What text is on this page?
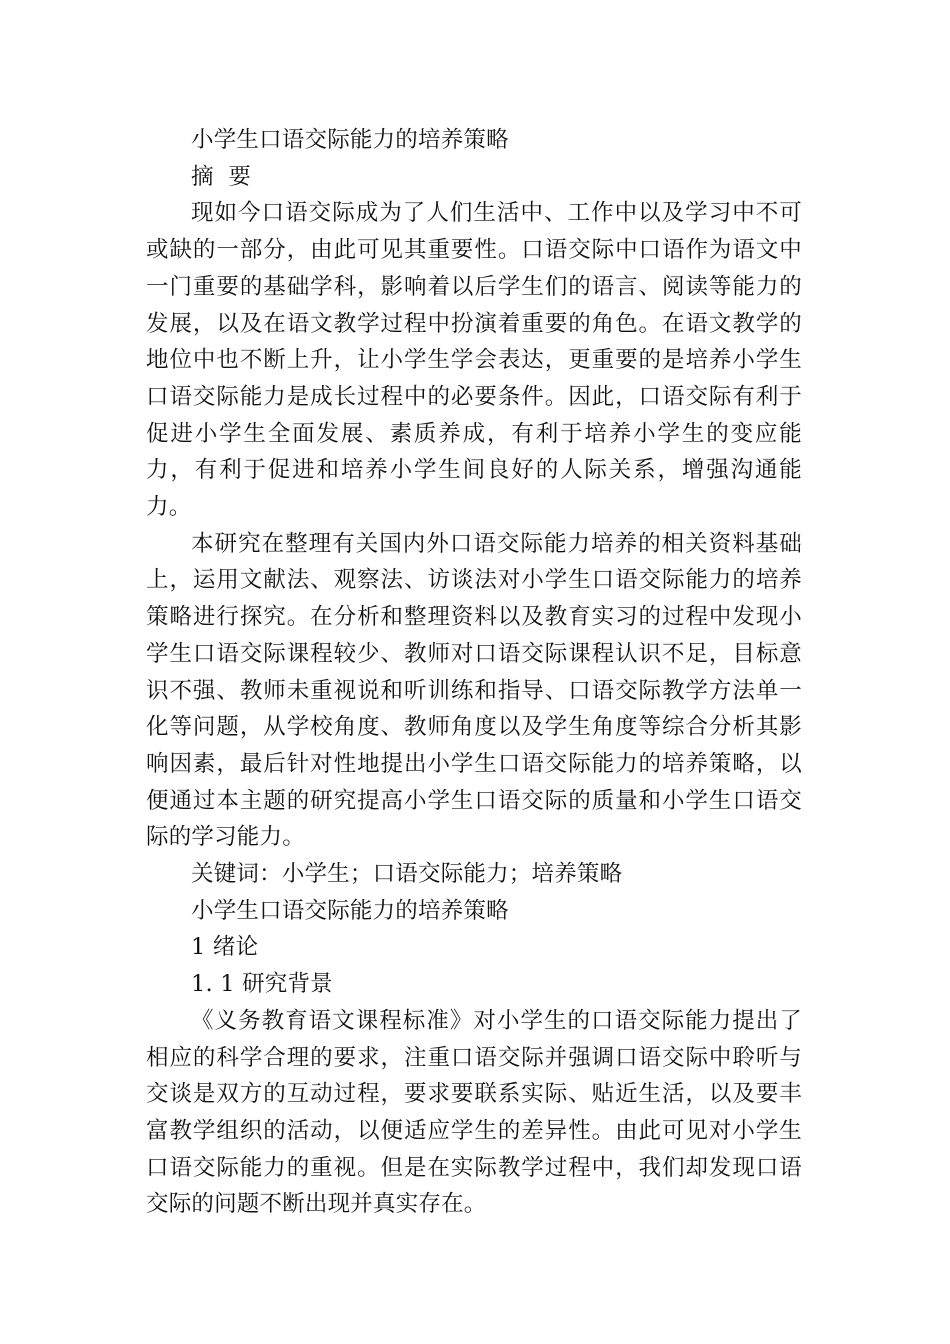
小学生口语交际能力的培养策略

摘  要

现如今口语交际成为了人们生活中、工作中以及学习中不可或缺的一部分，由此可见其重要性。口语交际中口语作为语文中一门重要的基础学科，影响着以后学生们的语言、阅读等能力的发展，以及在语文教学过程中扮演着重要的角色。在语文教学的地位中也不断上升，让小学生学会表达，更重要的是培养小学生口语交际能力是成长过程中的必要条件。因此，口语交际有利于促进小学生全面发展、素质养成，有利于培养小学生的变应能力，有利于促进和培养小学生间良好的人际关系，增强沟通能力。

本研究在整理有关国内外口语交际能力培养的相关资料基础上，运用文献法、观察法、访谈法对小学生口语交际能力的培养策略进行探究。在分析和整理资料以及教育实习的过程中发现小学生口语交际课程较少、教师对口语交际课程认识不足，目标意识不强、教师未重视说和听训练和指导、口语交际教学方法单一化等问题，从学校角度、教师角度以及学生角度等综合分析其影响因素，最后针对性地提出小学生口语交际能力的培养策略，以便通过本主题的研究提高小学生口语交际的质量和小学生口语交际的学习能力。

关键词：小学生；口语交际能力；培养策略

小学生口语交际能力的培养策略

1 绪论

1. 1 研究背景

《义务教育语文课程标准》对小学生的口语交际能力提出了相应的科学合理的要求，注重口语交际并强调口语交际中聆听与交谈是双方的互动过程，要求要联系实际、贴近生活，以及要丰富教学组织的活动，以便适应学生的差异性。由此可见对小学生口语交际能力的重视。但是在实际教学过程中，我们却发现口语交际的问题不断出现并真实存在。
